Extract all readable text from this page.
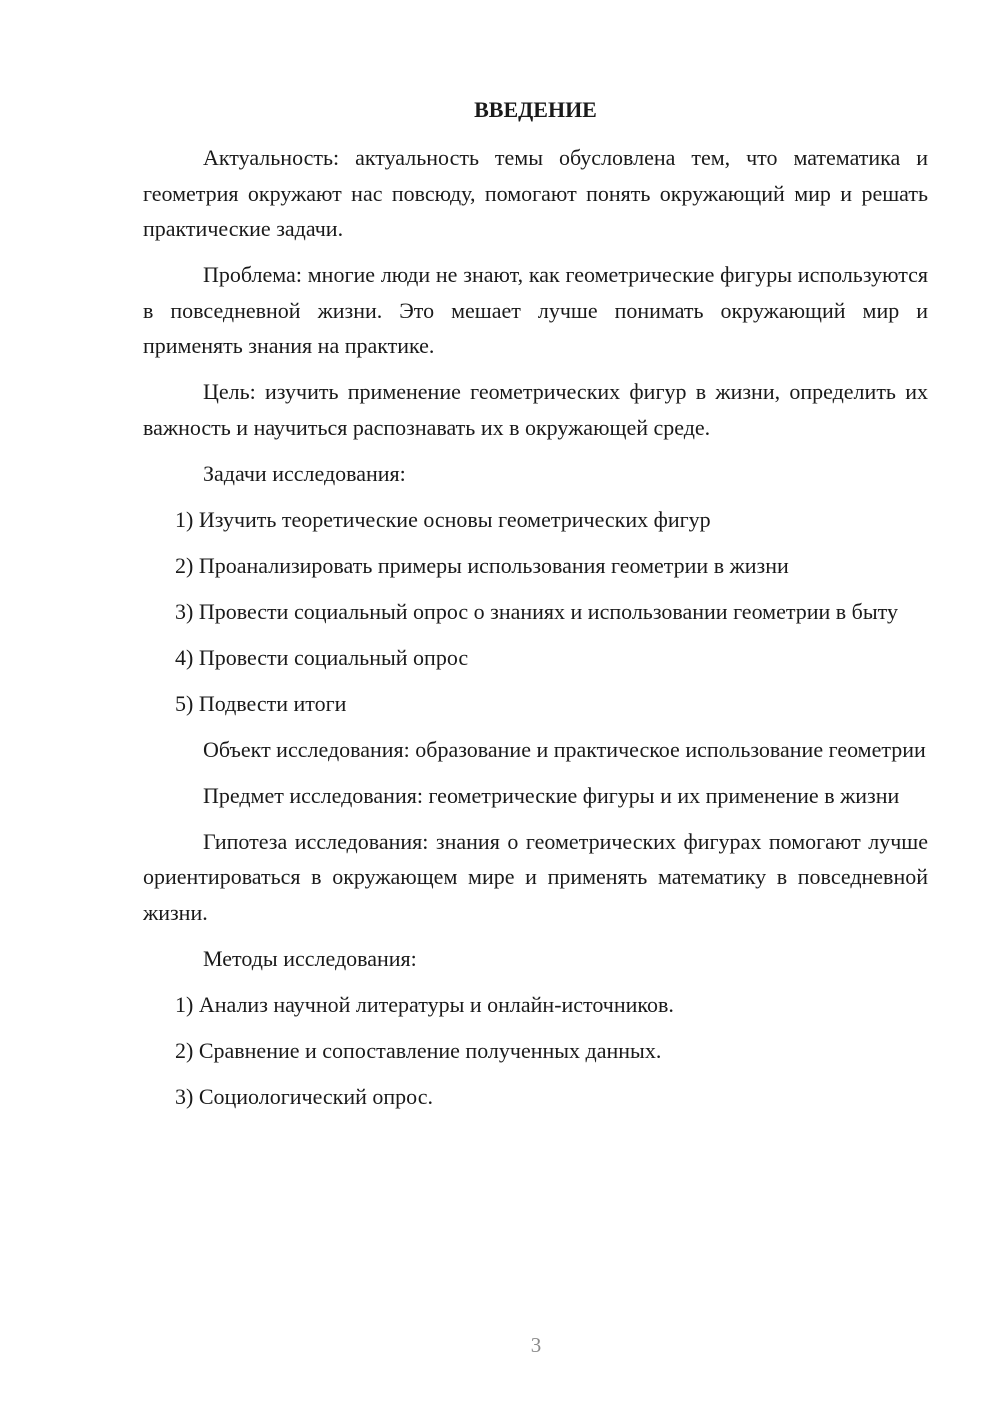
ВВЕДЕНИЕ

Актуальность: актуальность темы обусловлена тем, что математика и геометрия окружают нас повсюду, помогают понять окружающий мир и решать практические задачи.

Проблема: многие люди не знают, как геометрические фигуры используются в повседневной жизни. Это мешает лучше понимать окружающий мир и применять знания на практике.

Цель: изучить применение геометрических фигур в жизни, определить их важность и научиться распознавать их в окружающей среде.

Задачи исследования:

1) Изучить теоретические основы геометрических фигур

2) Проанализировать примеры использования геометрии в жизни

3) Провести социальный опрос о знаниях и использовании геометрии в быту

4) Провести социальный опрос

5) Подвести итоги

Объект исследования: образование и практическое использование геометрии

Предмет исследования: геометрические фигуры и их применение в жизни

Гипотеза исследования: знания о геометрических фигурах помогают лучше ориентироваться в окружающем мире и применять математику в повседневной жизни.

Методы исследования:

1) Анализ научной литературы и онлайн-источников.

2) Сравнение и сопоставление полученных данных.

3) Социологический опрос.

3
